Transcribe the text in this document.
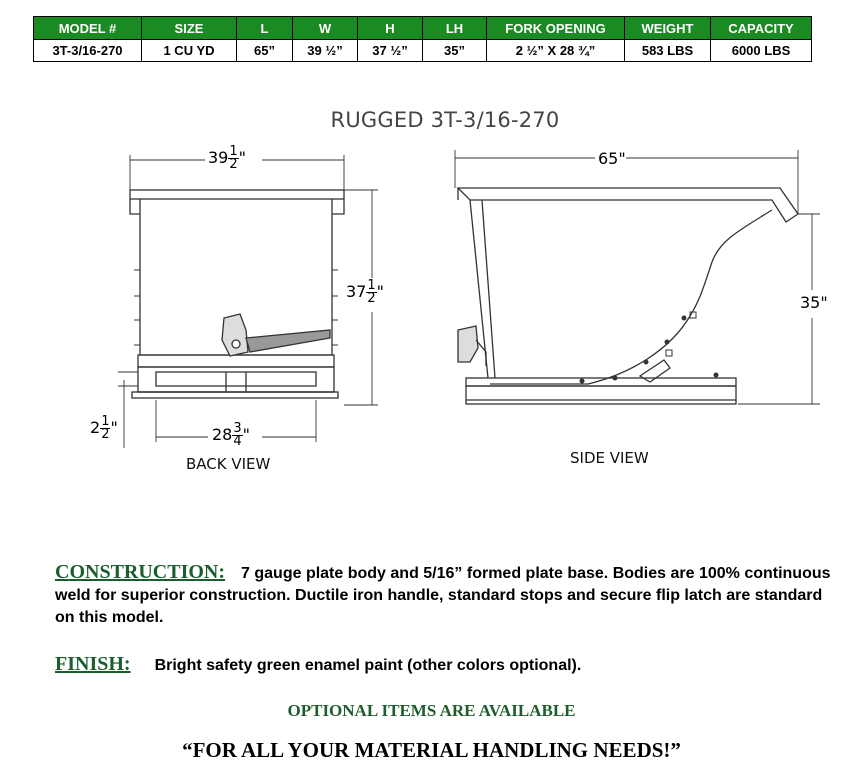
MODEL #	SIZE	L	W	H	LH	FORK OPENING	WEIGHT	CAPACITY
3T-3/16-270	1 CU YD	65”	39 ½”	37 ½”	35”	2 ½” X 28 ¾”	583 LBS	6000 LBS
RUGGED 3T-3/16-270
$39 \frac{1}{2}$ "
$37 \frac{1}{2}$ "
$2 \frac{1}{2}$ "	$28 \frac{3}{4}$ "
65"
35"
BACK VIEW	SIDE VIEW
CONSTRUCTION: 7 gauge plate body and 5/16” formed plate base. Bodies are 100% continuous weld for superior construction. Ductile iron handle, standard stops and secure flip latch are standard on this model.
FINISH: Bright safety green enamel paint (other colors optional).
OPTIONAL ITEMS ARE AVAILABLE
“FOR ALL YOUR MATERIAL HANDLING NEEDS!”
